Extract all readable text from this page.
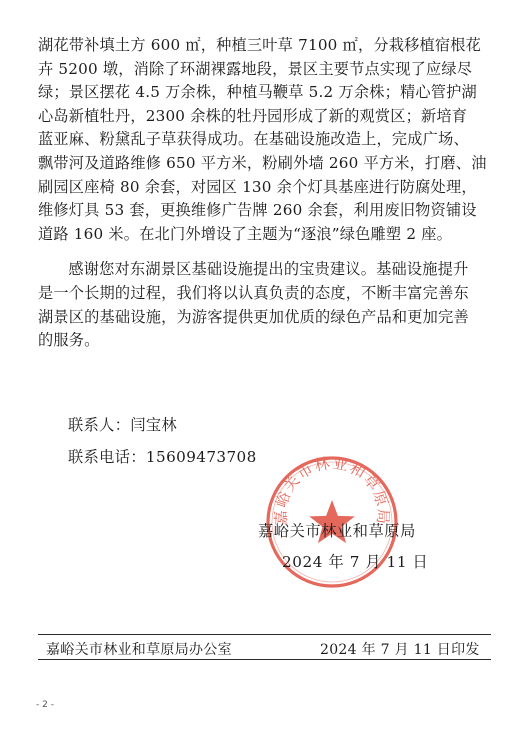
湖花带补填土方 600 ㎡，种植三叶草 7100 ㎡，分栽移植宿根花

卉 5200 墩，消除了环湖裸露地段，景区主要节点实现了应绿尽

绿；景区摆花 4.5 万余株，种植马鞭草 5.2 万余株；精心管护湖

心岛新植牡丹，2300 余株的牡丹园形成了新的观赏区；新培育

蓝亚麻、粉黛乱子草获得成功。在基础设施改造上，完成广场、

飘带河及道路维修 650 平方米，粉刷外墙 260 平方米，打磨、油

刷园区座椅 80 余套，对园区 130 余个灯具基座进行防腐处理，

维修灯具 53 套，更换维修广告牌 260 余套，利用废旧物资铺设

道路 160 米。在北门外增设了主题为“逐浪”绿色雕塑 2 座。

感谢您对东湖景区基础设施提出的宝贵建议。基础设施提升

是一个长期的过程，我们将以认真负责的态度，不断丰富完善东

湖景区的基础设施，为游客提供更加优质的绿色产品和更加完善

的服务。

联系人：闫宝林
联系电话：15609473708
嘉峪关市林业和草原局
嘉峪关市林业和草原局
2024 年 7 月 11 日
嘉峪关市林业和草原局办公室	2024 年 7 月 11 日印发
- 2 -
